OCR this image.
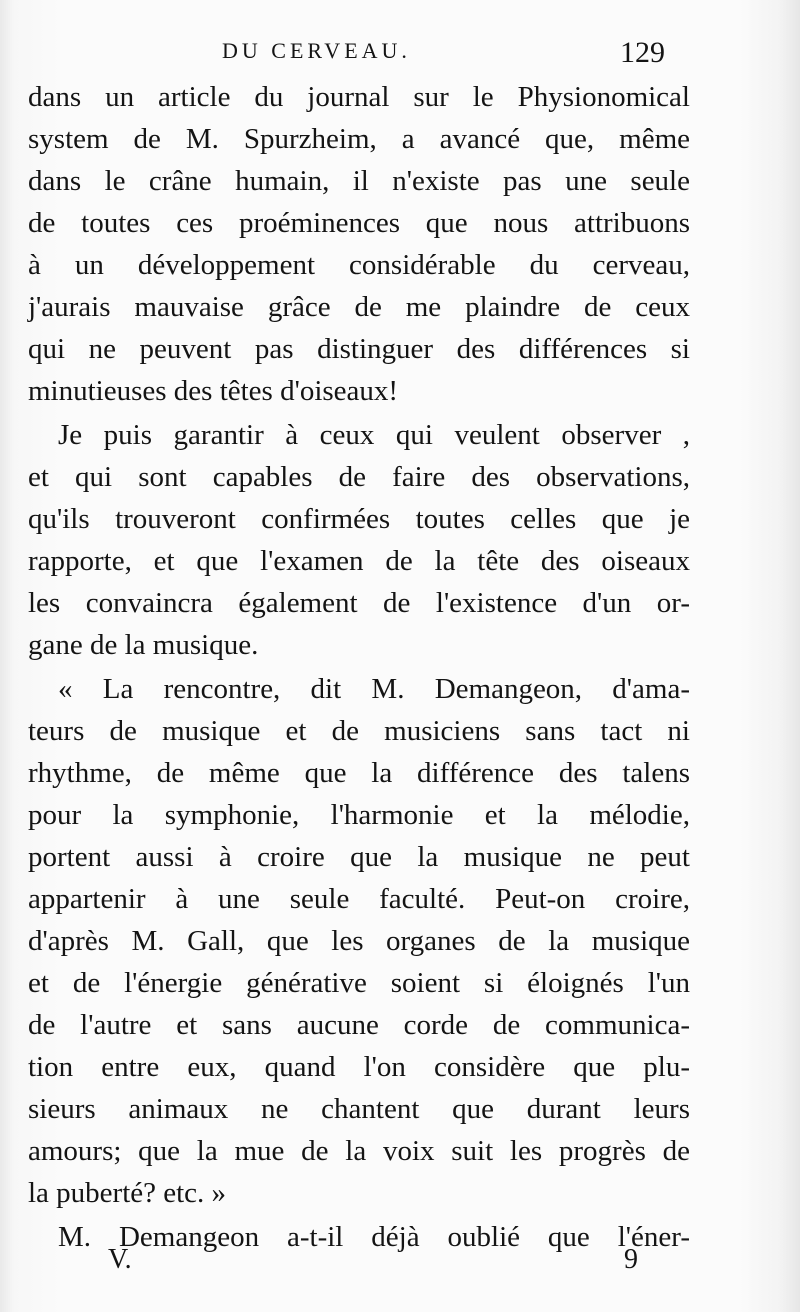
DU CERVEAU.	129
dans un article du journal sur le Physionomical
system de M. Spurzheim, a avancé que, même
dans le crâne humain, il n'existe pas une seule
de toutes ces proéminences que nous attribuons
à un développement considérable du cerveau,
j'aurais mauvaise grâce de me plaindre de ceux
qui ne peuvent pas distinguer des différences si
minutieuses des têtes d'oiseaux!
Je puis garantir à ceux qui veulent observer ,
et qui sont capables de faire des observations,
qu'ils trouveront confirmées toutes celles que je
rapporte, et que l'examen de la tête des oiseaux
les convaincra également de l'existence d'un or-
gane de la musique.
« La rencontre, dit M. Demangeon, d'ama-
teurs de musique et de musiciens sans tact ni
rhythme, de même que la différence des talens
pour la symphonie, l'harmonie et la mélodie,
portent aussi à croire que la musique ne peut
appartenir à une seule faculté. Peut-on croire,
d'après M. Gall, que les organes de la musique
et de l'énergie générative soient si éloignés l'un
de l'autre et sans aucune corde de communica-
tion entre eux, quand l'on considère que plu-
sieurs animaux ne chantent que durant leurs
amours; que la mue de la voix suit les progrès de
la puberté? etc. »
M. Demangeon a-t-il déjà oublié que l'éner-
V.	9
